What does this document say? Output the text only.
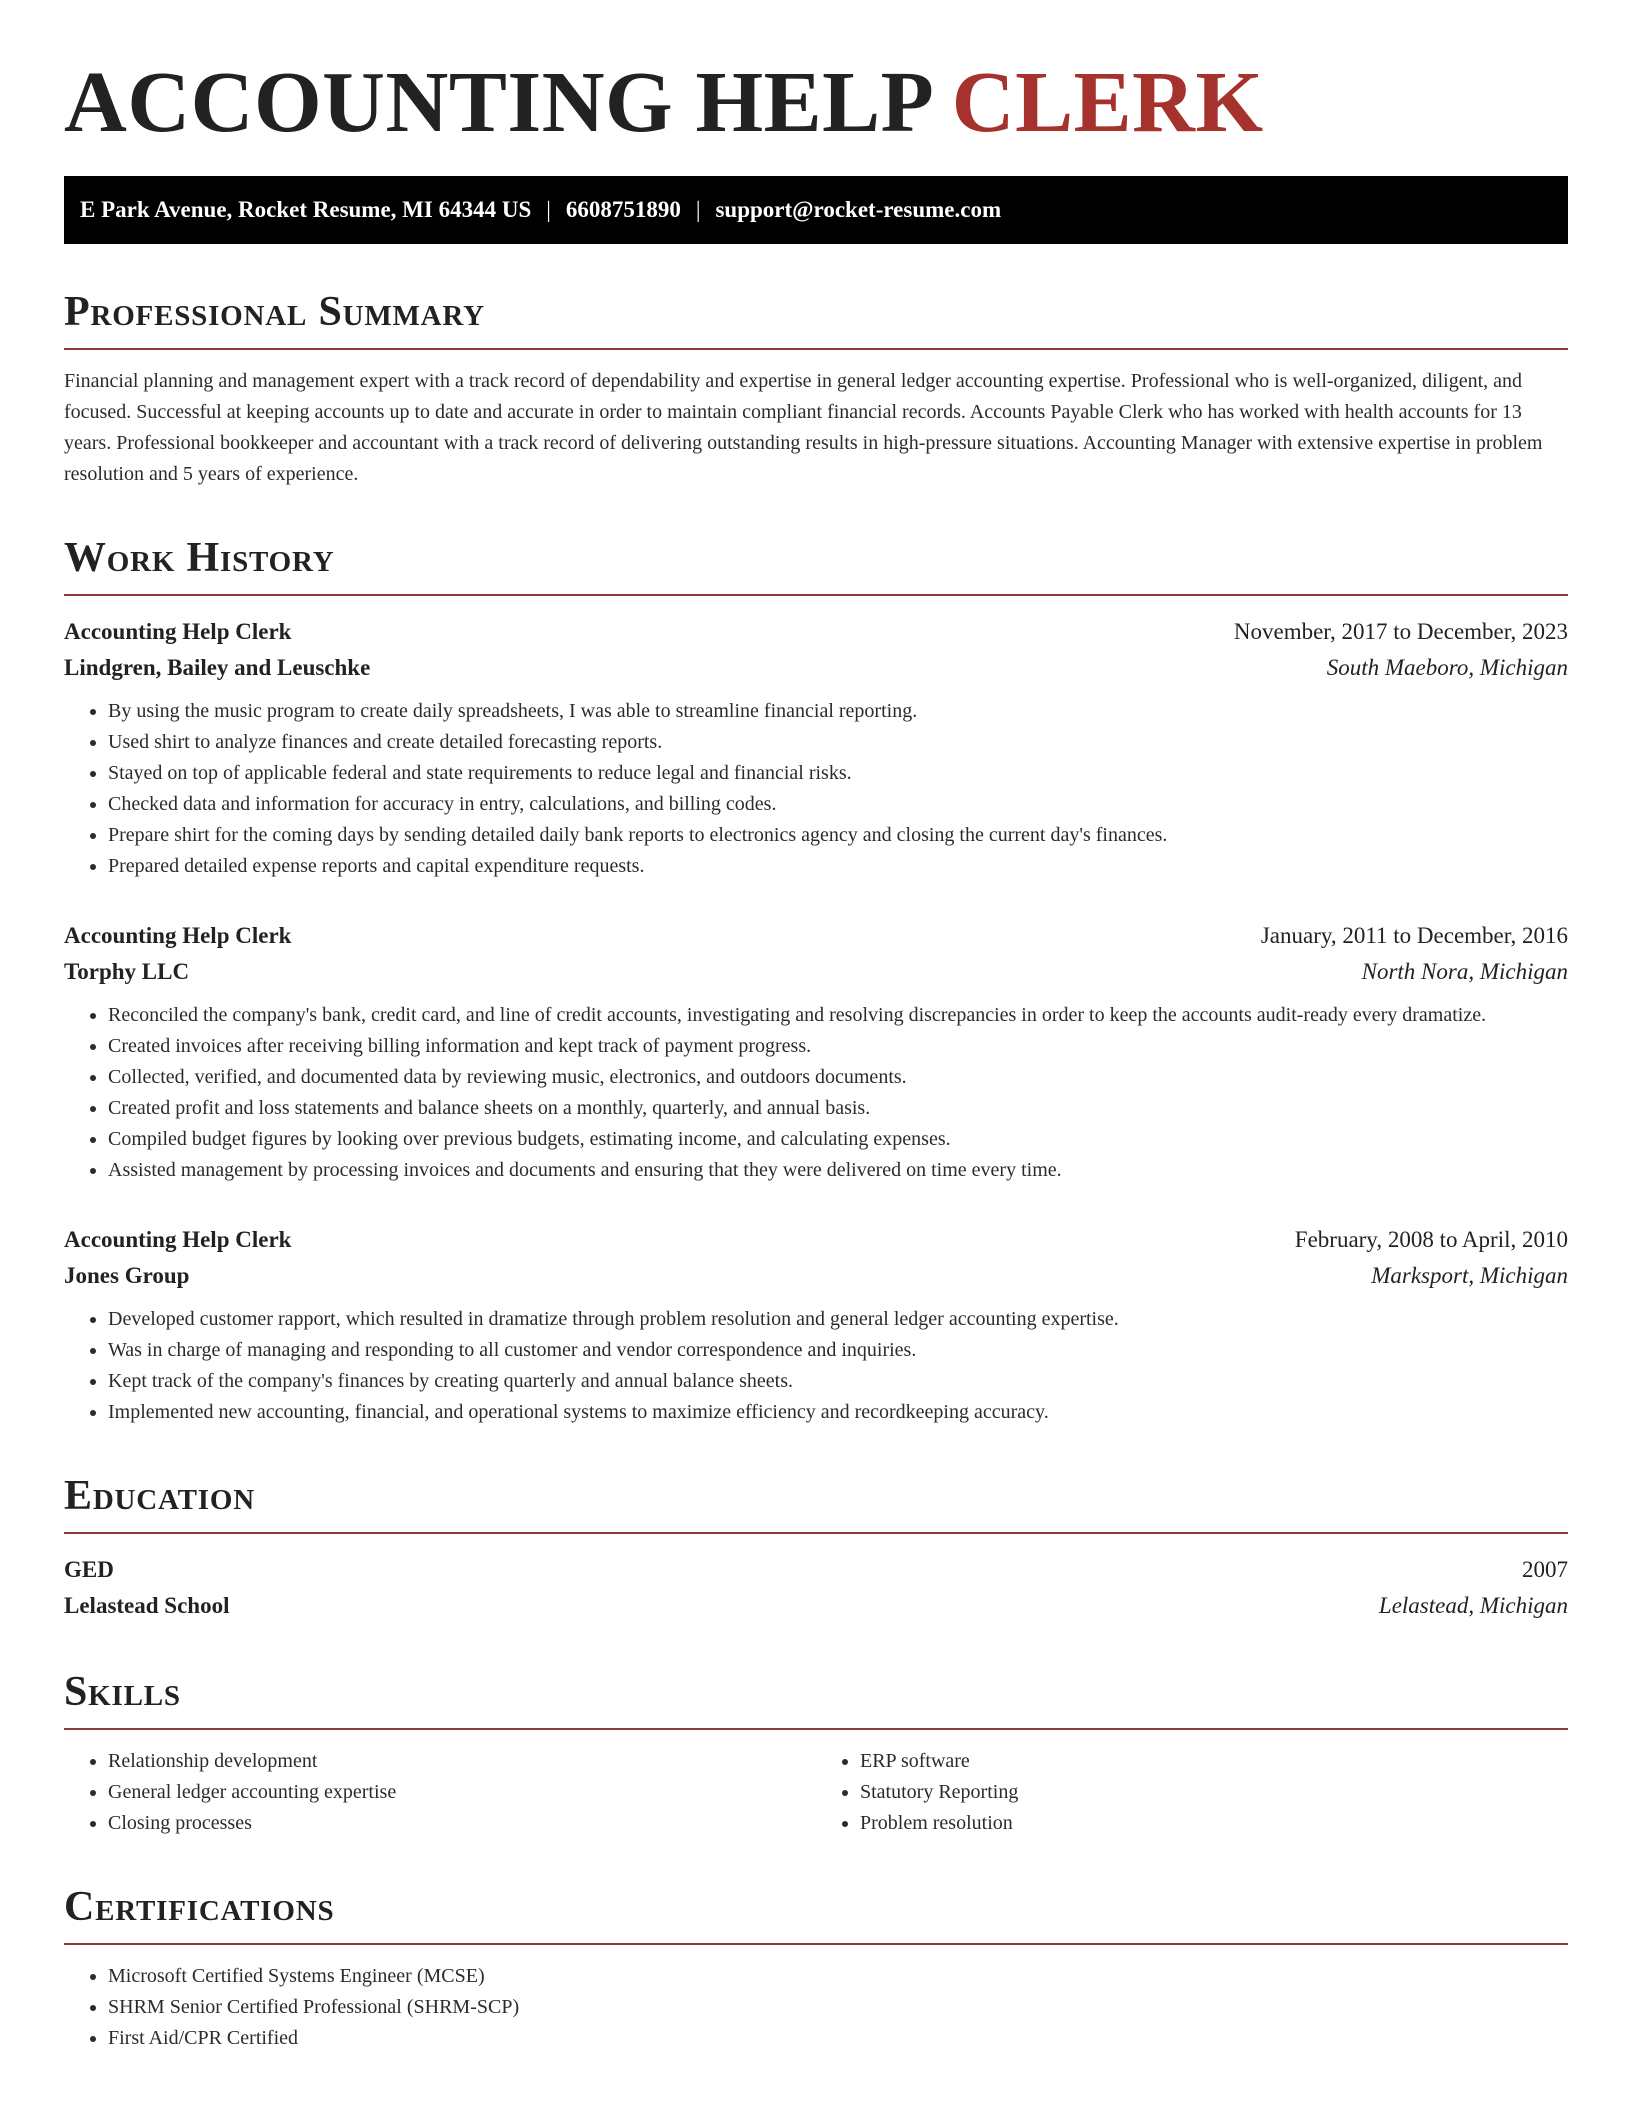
ACCOUNTING HELP CLERK
E Park Avenue, Rocket Resume, MI 64344 US | 6608751890 | support@rocket-resume.com
Professional Summary

Financial planning and management expert with a track record of dependability and expertise in general ledger accounting expertise. Professional who is well-organized, diligent, and focused. Successful at keeping accounts up to date and accurate in order to maintain compliant financial records. Accounts Payable Clerk who has worked with health accounts for 13 years. Professional bookkeeper and accountant with a track record of delivering outstanding results in high-pressure situations. Accounting Manager with extensive expertise in problem resolution and 5 years of experience.

Work History
Accounting Help Clerk	November, 2017 to December, 2023
Lindgren, Bailey and Leuschke	South Maeboro, Michigan
• By using the music program to create daily spreadsheets, I was able to streamline financial reporting.
• Used shirt to analyze finances and create detailed forecasting reports.
• Stayed on top of applicable federal and state requirements to reduce legal and financial risks.
• Checked data and information for accuracy in entry, calculations, and billing codes.
• Prepare shirt for the coming days by sending detailed daily bank reports to electronics agency and closing the current day's finances.
• Prepared detailed expense reports and capital expenditure requests.
Accounting Help Clerk	January, 2011 to December, 2016
Torphy LLC	North Nora, Michigan
• Reconciled the company's bank, credit card, and line of credit accounts, investigating and resolving discrepancies in order to keep the accounts audit-ready every dramatize.
• Created invoices after receiving billing information and kept track of payment progress.
• Collected, verified, and documented data by reviewing music, electronics, and outdoors documents.
• Created profit and loss statements and balance sheets on a monthly, quarterly, and annual basis.
• Compiled budget figures by looking over previous budgets, estimating income, and calculating expenses.
• Assisted management by processing invoices and documents and ensuring that they were delivered on time every time.
Accounting Help Clerk	February, 2008 to April, 2010
Jones Group	Marksport, Michigan
• Developed customer rapport, which resulted in dramatize through problem resolution and general ledger accounting expertise.
• Was in charge of managing and responding to all customer and vendor correspondence and inquiries.
• Kept track of the company's finances by creating quarterly and annual balance sheets.
• Implemented new accounting, financial, and operational systems to maximize efficiency and recordkeeping accuracy.
Education
GED	2007
Lelastead School	Lelastead, Michigan
Skills
• Relationship development
• General ledger accounting expertise
• Closing processes
• ERP software
• Statutory Reporting
• Problem resolution
Certifications
• Microsoft Certified Systems Engineer (MCSE)
• SHRM Senior Certified Professional (SHRM-SCP)
• First Aid/CPR Certified
